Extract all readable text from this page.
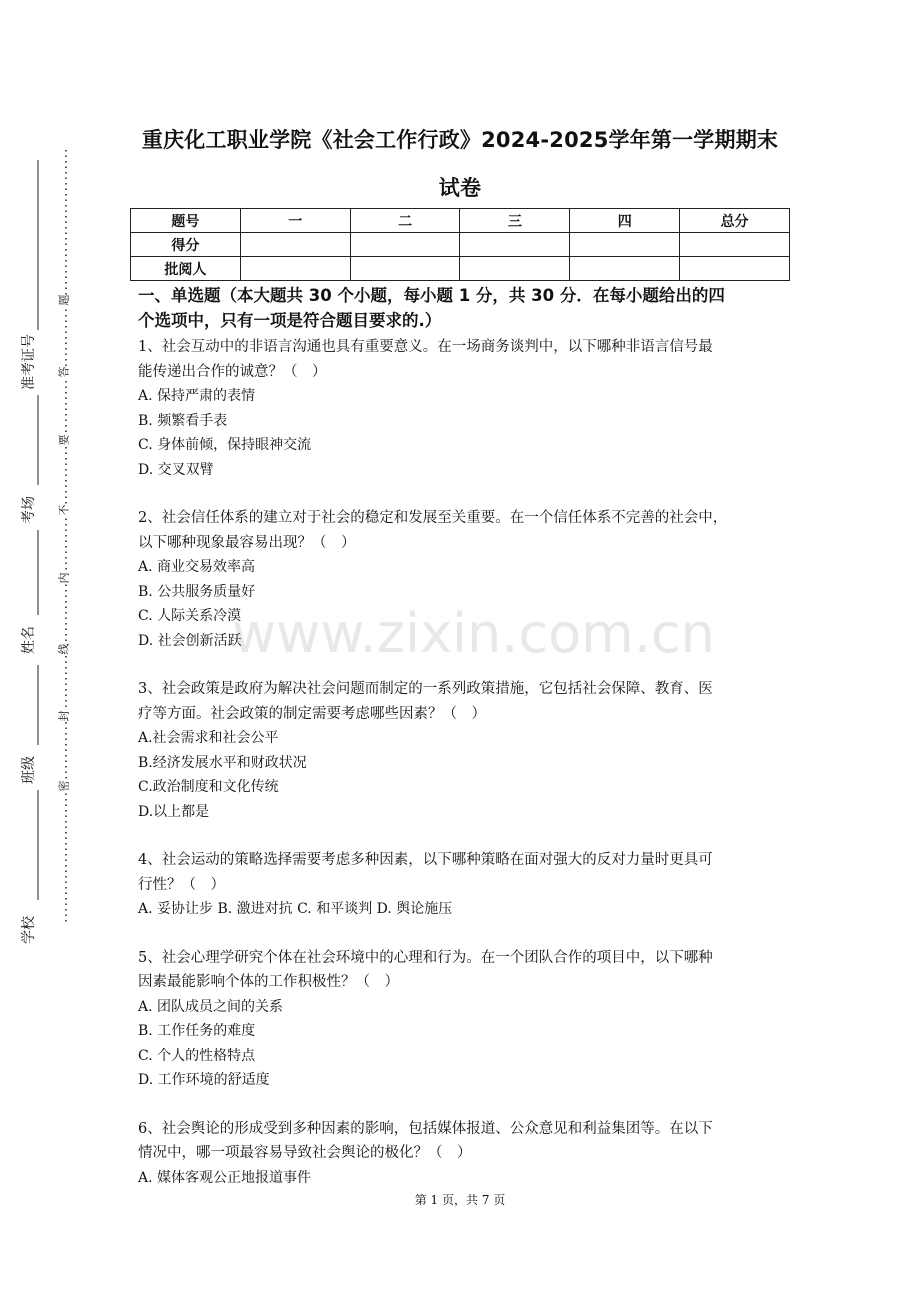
学校
班级
姓名
考场
准考证号
密
封
线
内
不
要
答
题
重庆化工职业学院《社会工作行政》2024-2025学年第一学期期末
试卷
题号	一	二	三	四	总分
得分					
批阅人					
一、单选题（本大题共 30 个小题，每小题 1 分，共 30 分．在每小题给出的四
个选项中，只有一项是符合题目要求的.）

1、社会互动中的非语言沟通也具有重要意义。在一场商务谈判中，以下哪种非语言信号最

能传递出合作的诚意？（　）

A. 保持严肃的表情

B. 频繁看手表

C. 身体前倾，保持眼神交流

D. 交叉双臂

2、社会信任体系的建立对于社会的稳定和发展至关重要。在一个信任体系不完善的社会中，

以下哪种现象最容易出现？（　）

A. 商业交易效率高

B. 公共服务质量好

C. 人际关系冷漠

D. 社会创新活跃

3、社会政策是政府为解决社会问题而制定的一系列政策措施，它包括社会保障、教育、医

疗等方面。社会政策的制定需要考虑哪些因素？（　）

A.社会需求和社会公平

B.经济发展水平和财政状况

C.政治制度和文化传统

D.以上都是

4、社会运动的策略选择需要考虑多种因素，以下哪种策略在面对强大的反对力量时更具可

行性？（　）

A. 妥协让步 B. 激进对抗 C. 和平谈判 D. 舆论施压

5、社会心理学研究个体在社会环境中的心理和行为。在一个团队合作的项目中，以下哪种

因素最能影响个体的工作积极性？（　）

A. 团队成员之间的关系

B. 工作任务的难度

C. 个人的性格特点

D. 工作环境的舒适度

6、社会舆论的形成受到多种因素的影响，包括媒体报道、公众意见和利益集团等。在以下

情况中，哪一项最容易导致社会舆论的极化？（　）

A. 媒体客观公正地报道事件

www.zixin.com.cn
第 1 页，共 7 页
